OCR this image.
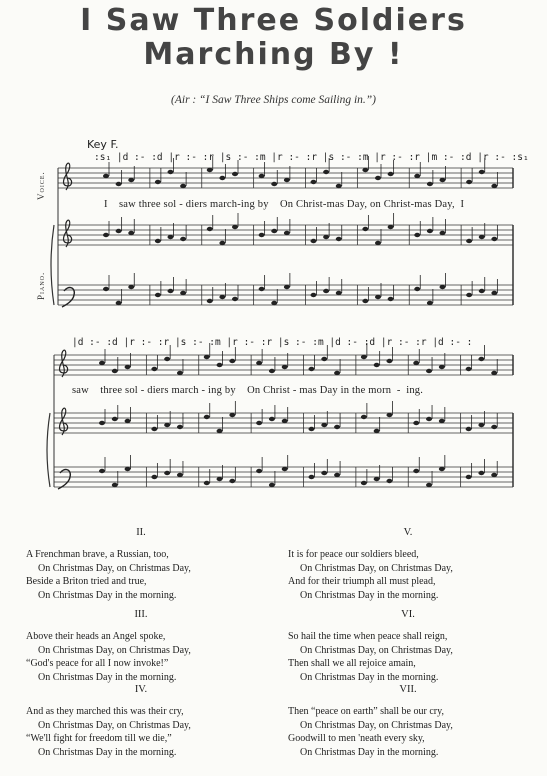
I Saw Three Soldiers
Marching By !
(Air : “I Saw Three Ships come Sailing in.”)
Key F.
:s₁ |d :- :d |r :- :r |s :- :m |r :- :r |s :- :m |r :- :r |m :- :d |r :- :s₁
I    saw three sol - diers march-ing by    On Christ-mas Day, on Christ-mas Day,  I
|d :- :d |r :- :r |s :- :m |r :- :r |s :- :m |d :- :d |r :- :r |d :- :
saw    three sol - diers march - ing by    On Christ - mas Day in the morn  -  ing.
Voice.
Piano.
II.
A Frenchman brave, a Russian, too,
On Christmas Day, on Christmas Day,
Beside a Briton tried and true,
On Christmas Day in the morning.
III.
Above their heads an Angel spoke,
On Christmas Day, on Christmas Day,
“God's peace for all I now invoke!”
On Christmas Day in the morning.
IV.
And as they marched this was their cry,
On Christmas Day, on Christmas Day,
“We'll fight for freedom till we die,”
On Christmas Day in the morning.
V.
It is for peace our soldiers bleed,
On Christmas Day, on Christmas Day,
And for their triumph all must plead,
On Christmas Day in the morning.
VI.
So hail the time when peace shall reign,
On Christmas Day, on Christmas Day,
Then shall we all rejoice amain,
On Christmas Day in the morning.
VII.
Then “peace on earth” shall be our cry,
On Christmas Day, on Christmas Day,
Goodwill to men 'neath every sky,
On Christmas Day in the morning.
